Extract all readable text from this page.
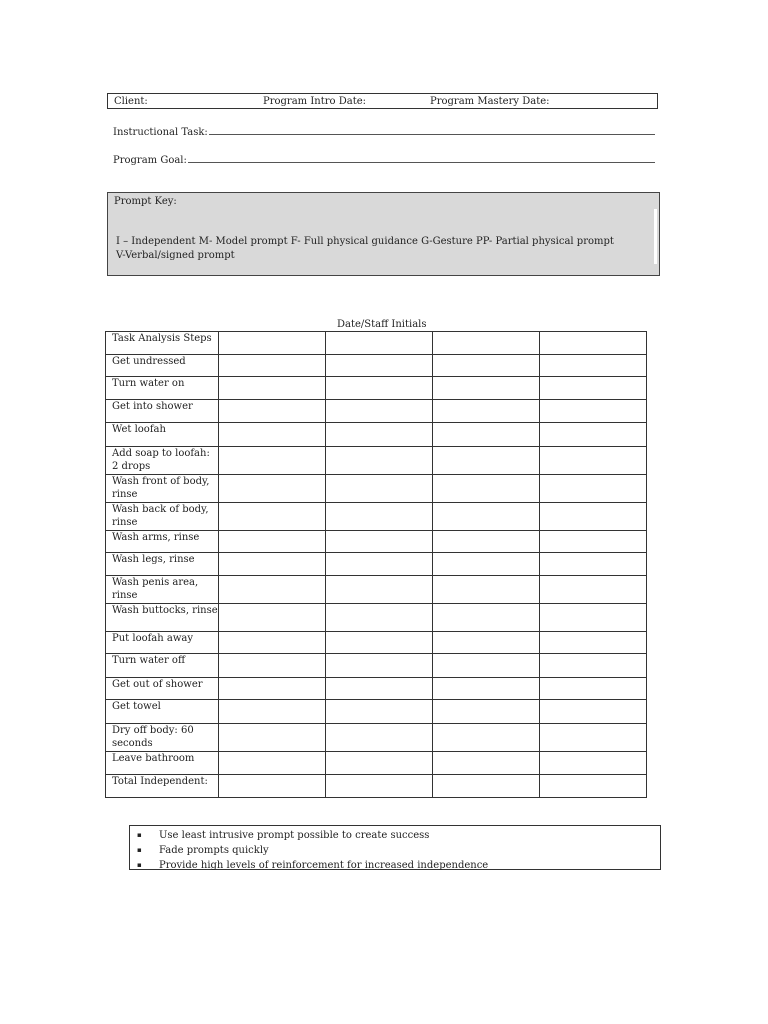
Client:	Program Intro Date:	Program Mastery Date:
Instructional Task:
Program Goal:
Prompt Key:
I – Independent M- Model prompt F- Full physical guidance G-Gesture PP- Partial physical prompt
V-Verbal/signed prompt
Date/Staff Initials
Task Analysis Steps				
Get undressed				
Turn water on				
Get into shower				
Wet loofah				
Add soap to loofah: 2 drops				
Wash front of body, rinse				
Wash back of body, rinse				
Wash arms, rinse				
Wash legs, rinse				
Wash penis area, rinse				
Wash buttocks, rinse				
Put loofah away				
Turn water off				
Get out of shower				
Get towel				
Dry off body: 60 seconds				
Leave bathroom				
Total Independent:				
▪ Use least intrusive prompt possible to create success
▪ Fade prompts quickly
▪ Provide high levels of reinforcement for increased independence
